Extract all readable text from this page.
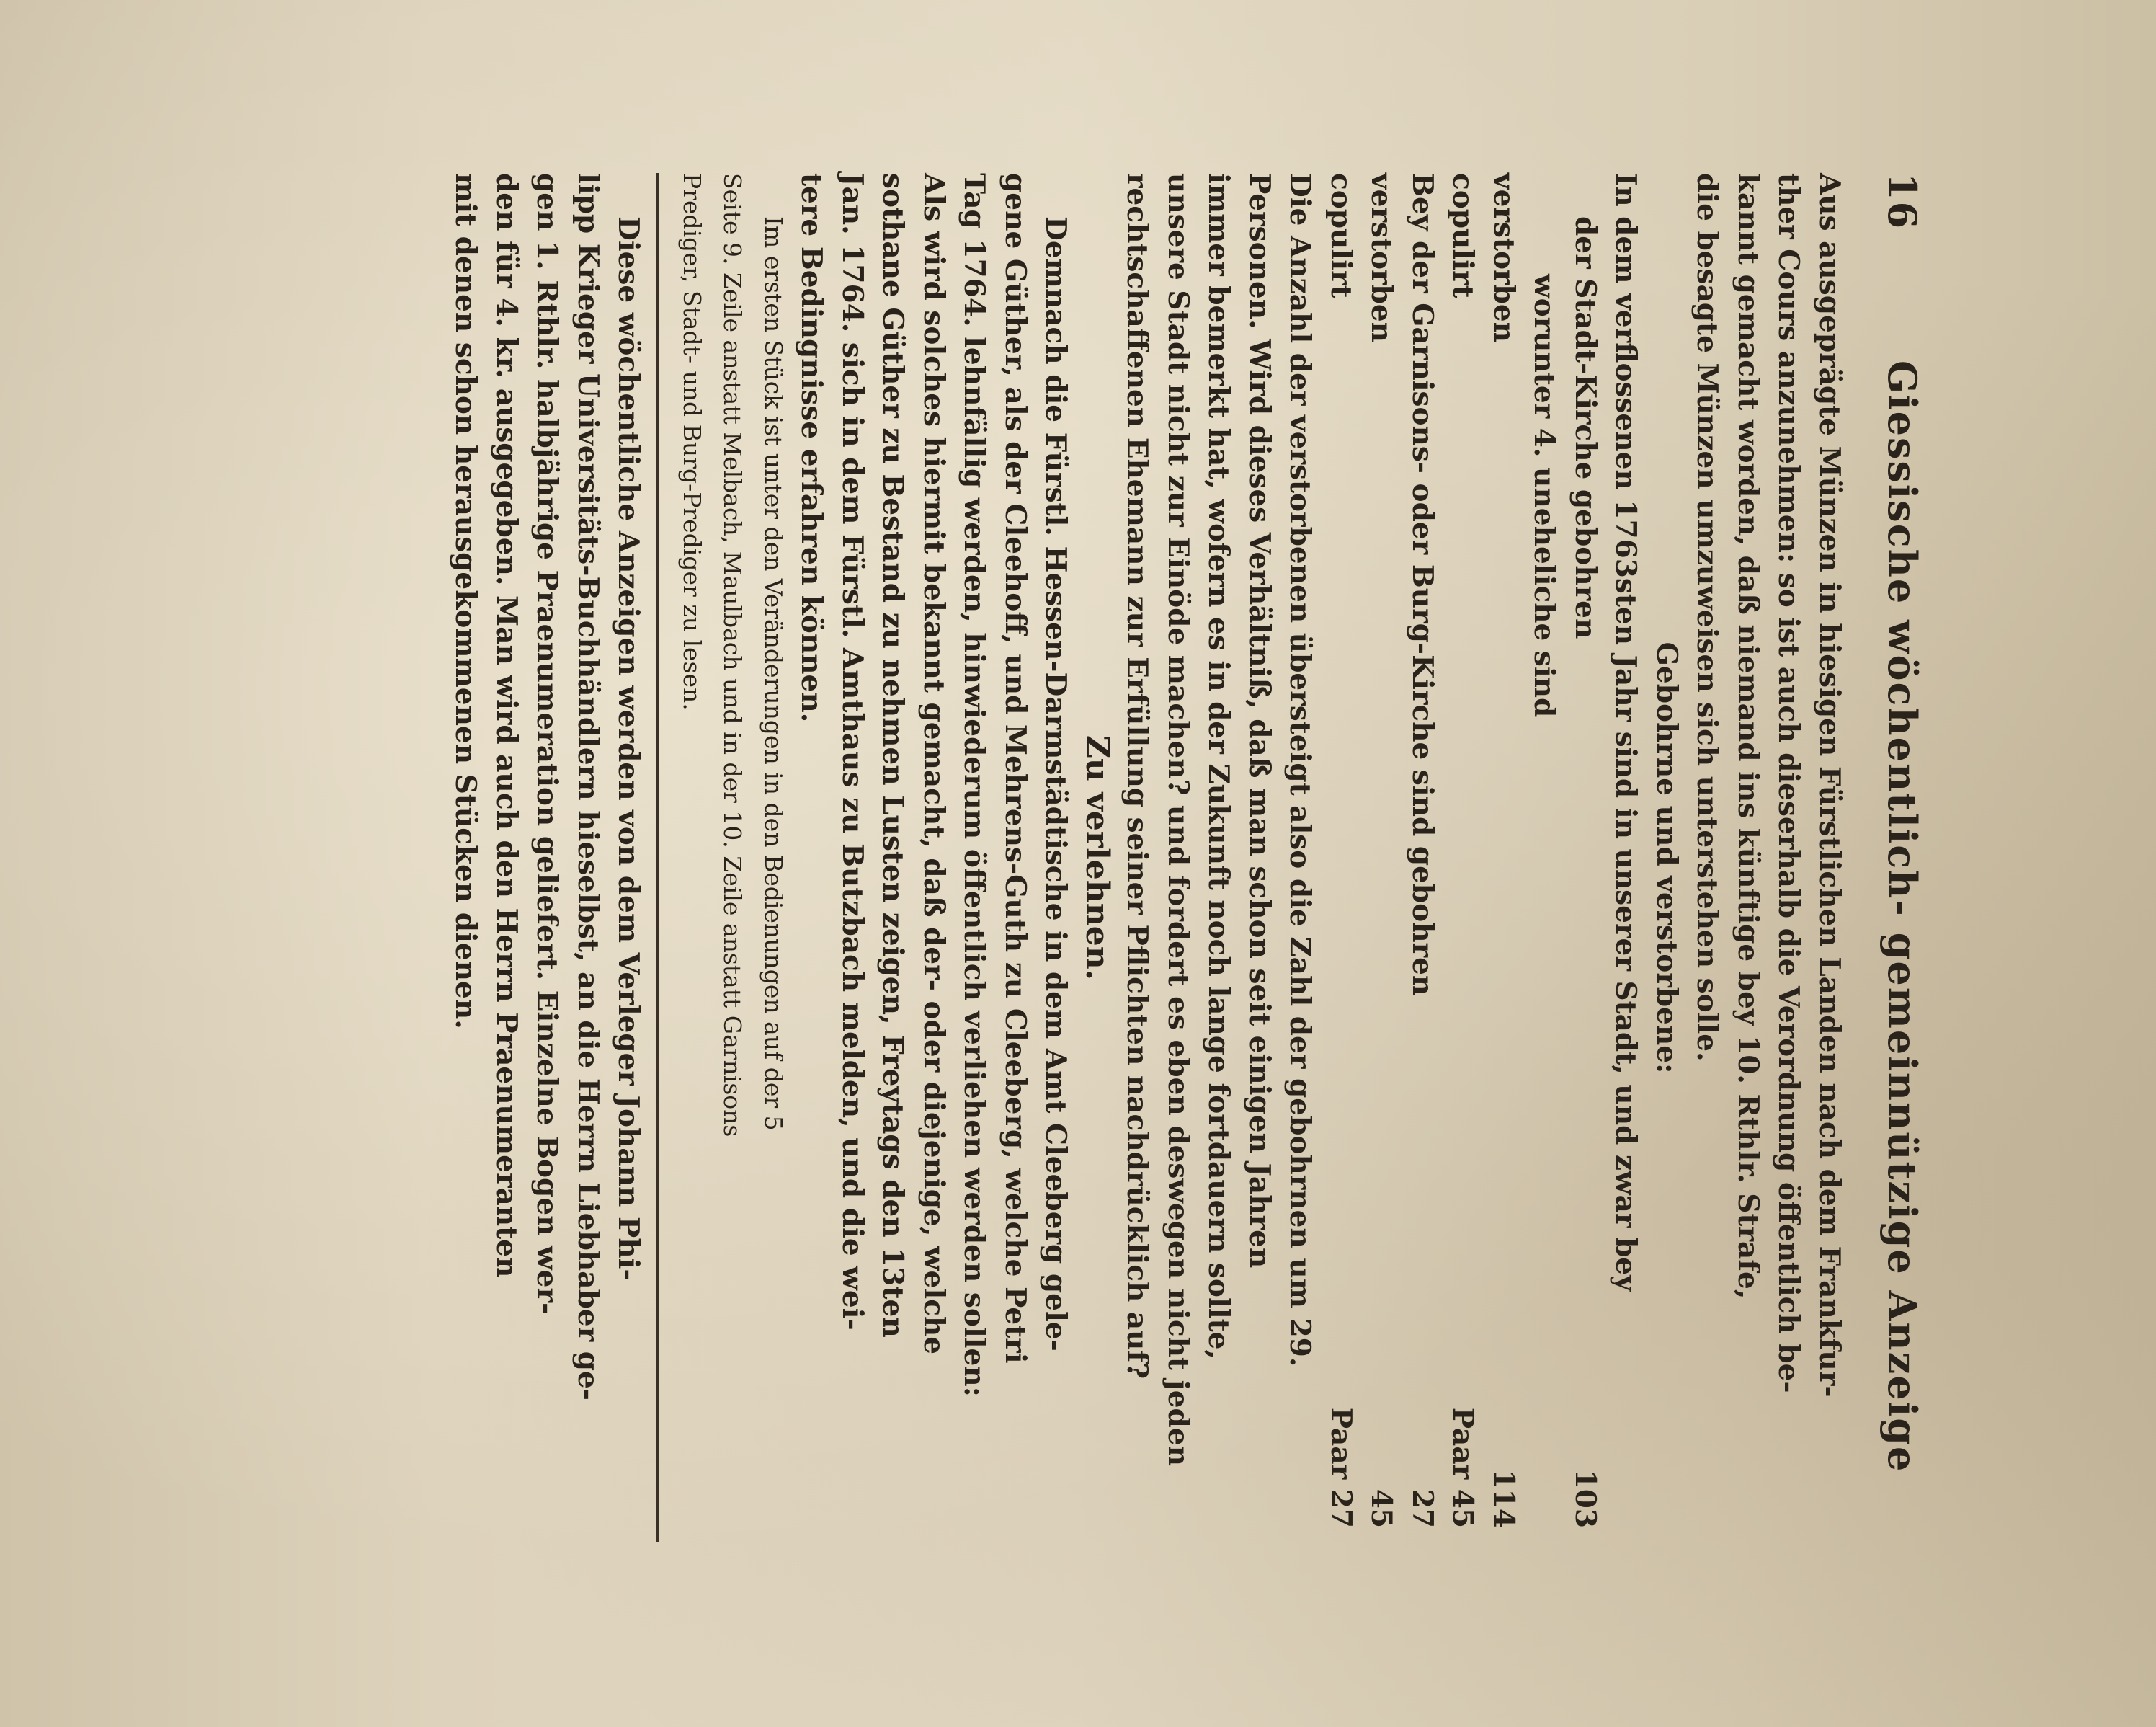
16
Giessische wöchentlich- gemeinnützige Anzeige
Aus ausgeprägte Münzen in hiesigen Fürstlichen Landen nach dem Frankfur-
ther Cours anzunehmen: so ist auch dieserhalb die Verordnung öffentlich be-
kannt gemacht worden, daß niemand ins künftige bey 10. Rthlr. Strafe,
die besagte Münzen umzuweisen sich unterstehen solle.
Gebohrne und verstorbene:
In dem verflossenen 1763sten Jahr sind in unserer Stadt, und zwar bey
der Stadt-Kirche gebohren
103
worunter 4. uneheliche sind
verstorben
114
copulirt
Paar 45
Bey der Garnisons- oder Burg-Kirche sind gebohren
27
verstorben
45
copulirt
Paar 27
Die Anzahl der verstorbenen übersteigt also die Zahl der gebohrnen um 29.
Personen. Wird dieses Verhältniß, daß man schon seit einigen Jahren
immer bemerkt hat, wofern es in der Zukunft noch lange fortdauern sollte,
unsere Stadt nicht zur Einöde machen? und fordert es eben deswegen nicht jeden
rechtschaffenen Ehemann zur Erfüllung seiner Pflichten nachdrücklich auf?
Zu verlehnen.
Demnach die Fürstl. Hessen-Darmstädtische in dem Amt Cleeberg gele-
gene Güther, als der Cleehoff, und Mehrens-Guth zu Cleeberg, welche Petri
Tag 1764. lehnfällig werden, hinwiederum öffentlich verliehen werden sollen:
Als wird solches hiermit bekannt gemacht, daß der- oder diejenige, welche
sothane Güther zu Bestand zu nehmen Lusten zeigen, Freytags den 13ten
Jan. 1764. sich in dem Fürstl. Amthaus zu Butzbach melden, und die wei-
tere Bedingnisse erfahren können.
Im ersten Stück ist unter den Veränderungen in den Bedienungen auf der 5
Seite 9. Zeile anstatt Melbach, Maulbach und in der 10. Zeile anstatt Garnisons
Prediger, Stadt- und Burg-Prediger zu lesen.
Diese wöchentliche Anzeigen werden von dem Verleger Johann Phi-
lipp Krieger Universitäts-Buchhändlern hieselbst, an die Herrn Liebhaber ge-
gen 1. Rthlr. halbjährige Praenumeration geliefert. Einzelne Bogen wer-
den für 4. kr. ausgegeben. Man wird auch den Herrn Praenumeranten
mit denen schon herausgekommenen Stücken dienen.
